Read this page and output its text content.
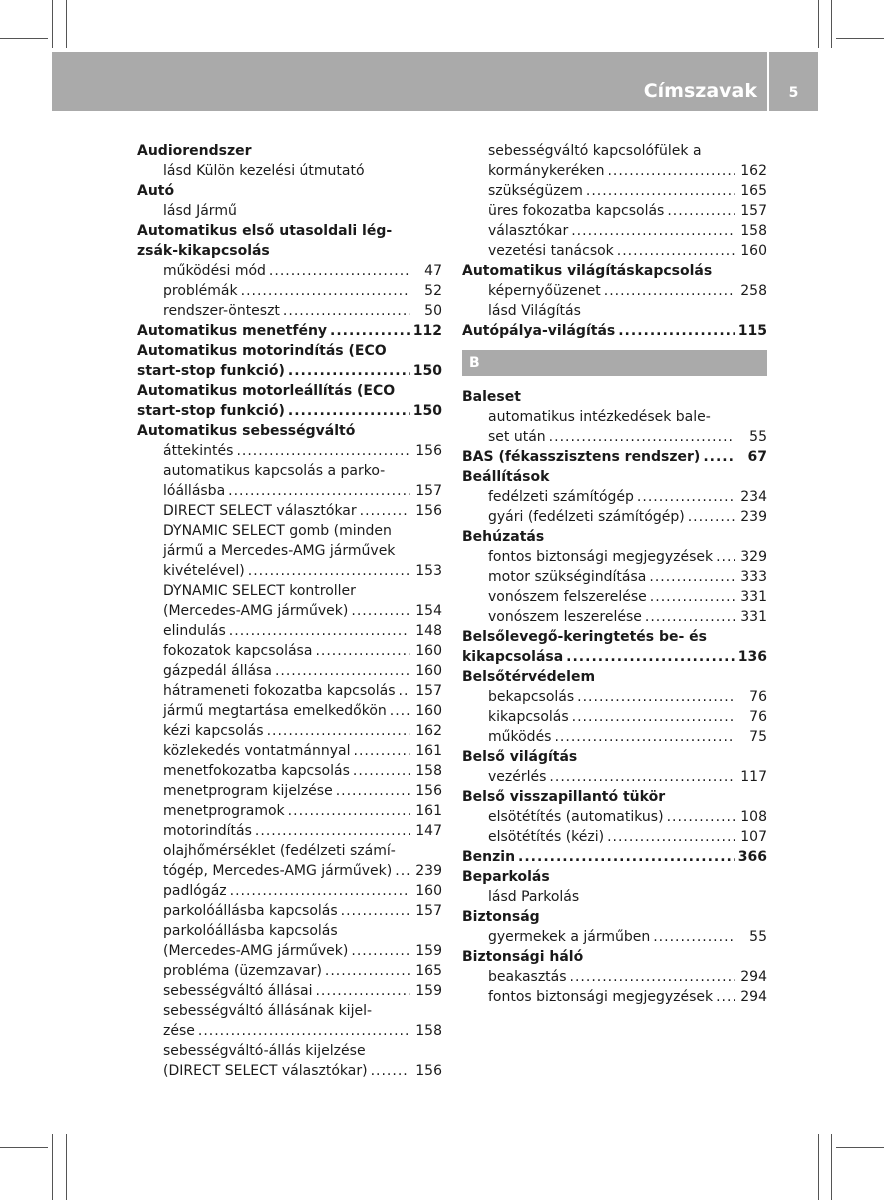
Címszavak	5
Audiorendszer
lásd Külön kezelési útmutató
Autó
lásd Jármű
Automatikus első utasoldali lég-
zsák-kikapcsolás
működési mód .....	47
problémák .....	52
rendszer-önteszt .....	50
Automatikus menetfény .....	112
Automatikus motorindítás (ECO
start-stop funkció) .....	150
Automatikus motorleállítás (ECO
start-stop funkció) .....	150
Automatikus sebességváltó
áttekintés .....	156
automatikus kapcsolás a parko-
lóállásba .....	157
DIRECT SELECT választókar .....	156
DYNAMIC SELECT gomb (minden
jármű a Mercedes-AMG járművek
kivételével) .....	153
DYNAMIC SELECT kontroller
(Mercedes-AMG járművek) .....	154
elindulás .....	148
fokozatok kapcsolása .....	160
gázpedál állása .....	160
hátrameneti fokozatba kapcsolás ..... 157
jármű megtartása emelkedőkön ..... 160
kézi kapcsolás .....	162
közlekedés vontatmánnyal .....	161
menetfokozatba kapcsolás .....	158
menetprogram kijelzése .....	156
menetprogramok .....	161
motorindítás .....	147
olajhőmérséklet (fedélzeti számí-
tógép, Mercedes-AMG járművek) ..... 239
padlógáz .....	160
parkolóállásba kapcsolás .....	157
parkolóállásba kapcsolás
(Mercedes-AMG járművek) .....	159
probléma (üzemzavar) .....	165
sebességváltó állásai .....	159
sebességváltó állásának kijel-
zése .....	158
sebességváltó-állás kijelzése
(DIRECT SELECT választókar) .....	156
sebességváltó kapcsolófülek a
kormánykeréken .....	162
szükségüzem .....	165
üres fokozatba kapcsolás .....	157
választókar .....	158
vezetési tanácsok .....	160
Automatikus világításkapcsolás
képernyőüzenet .....	258
lásd Világítás
Autópálya-világítás .....	115
B
Baleset
automatikus intézkedések bale-
set után .....	55
BAS (fékasszisztens rendszer) .....	67
Beállítások
fedélzeti számítógép .....	234
gyári (fedélzeti számítógép) .....	239
Behúzatás
fontos biztonsági megjegyzések ..... 329
motor szükségindítása .....	333
vonószem felszerelése .....	331
vonószem leszerelése .....	331
Belsőlevegő-keringtetés be- és
kikapcsolása .....	136
Belsőtérvédelem
bekapcsolás .....	76
kikapcsolás .....	76
működés .....	75
Belső világítás
vezérlés .....	117
Belső visszapillantó tükör
elsötétítés (automatikus) .....	108
elsötétítés (kézi) .....	107
Benzin .....	366
Beparkolás
lásd Parkolás
Biztonság
gyermekek a járműben .....	55
Biztonsági háló
beakasztás .....	294
fontos biztonsági megjegyzések ..... 294
